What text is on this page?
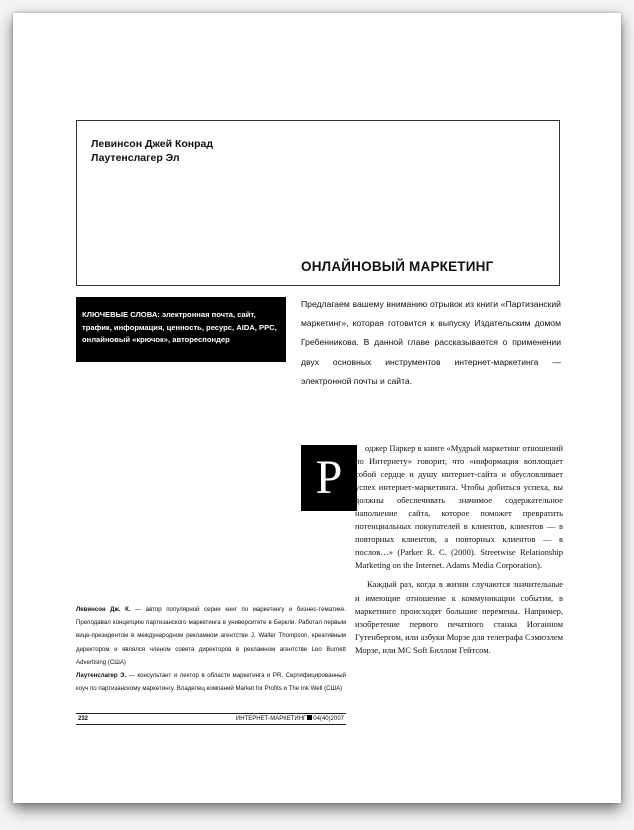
Левинсон Джей Конрад
Лаутенслагер Эл
ОНЛАЙНОВЫЙ МАРКЕТИНГ
КЛЮЧЕВЫЕ СЛОВА: электронная почта, сайт, трафик, информация, ценность, ресурс, AIDA, PPC, онлайновый «крючок», автореспондер
Предлагаем вашему вниманию отрывок из книги «Партизанский маркетинг», которая готовится к выпуску Издательским домом Гребенникова. В данной главе рассказывается о применении двух основных инструментов интернет-маркетинга — электронной почты и сайта.
Р

оджер Паркер в книге «Мудрый маркетинг отношений по Интернету» говорит, что «информация воплощает собой сердце и душу интернет-сайта и обусловливает успех интернет-маркетинга. Чтобы добиться успеха, вы должны обеспечивать значимое содержательное наполнение сайта, которое поможет превратить потенциальных покупателей в клиентов, клиентов — в повторных клиентов, а повторных клиентов — в послов…» (Parker R. C. (2000). Streetwise Relationship Marketing on the Internet. Adams Media Corporation).

Каждый раз, когда в жизни случаются значительные и имеющие отношение к коммуникации события, в маркетинге происходят большие перемены. Например, изобретение первого печатного станка Иоганном Гутенбергом, или азбуки Морзе для телеграфа Сэмюэлем Морзе, или МС Soft Биллом Гейтсом.

Левинсон Дж. К. — автор популярной серии книг по маркетингу и бизнес-тематике. Преподавал концепцию партизанского маркетинга в университете в Беркли. Работал первым вице-президентом в международном рекламном агентстве J. Walter Thompson, креативным директором и являлся членом совета директоров в рекламном агентстве Leo Burnett Advertising (США)

Лаутенслагер Э. — консультант и лектор в области маркетинга и PR. Сертифицированный коуч по партизанскому маркетингу. Владелец компаний Market for Profits и The Ink Well (США)

232	ИНТЕРНЕТ-МАРКЕТИНГ 04(40)2007
